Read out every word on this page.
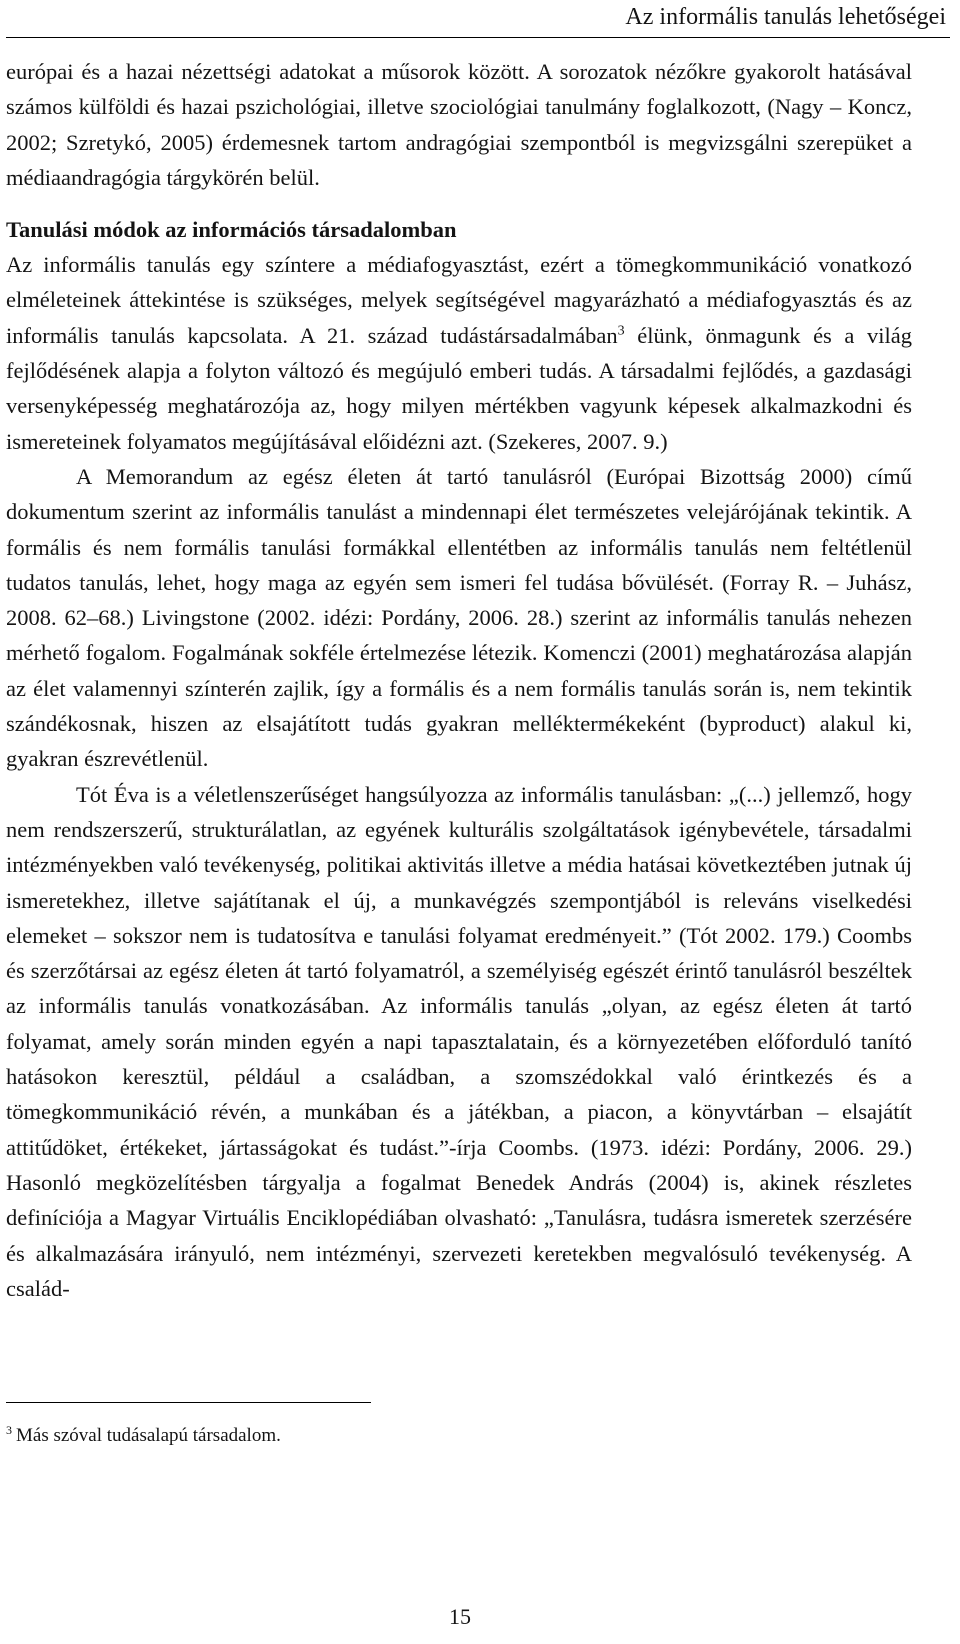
Az informális tanulás lehetőségei

európai és a hazai nézettségi adatokat a műsorok között. A sorozatok nézőkre gyakorolt hatásával számos külföldi és hazai pszichológiai, illetve szociológiai tanulmány foglalkozott, (Nagy – Koncz, 2002; Szretykó, 2005) érdemesnek tartom andragógiai szempontból is megvizsgálni szerepüket a médiaandragógia tárgykörén belül.

Tanulási módok az információs társadalomban

Az informális tanulás egy színtere a médiafogyasztást, ezért a tömegkommunikáció vonatkozó elméleteinek áttekintése is szükséges, melyek segítségével magyarázható a médiafogyasztás és az informális tanulás kapcsolata. A 21. század tudástársadalmában$^3$ élünk, önmagunk és a világ fejlődésének alapja a folyton változó és megújuló emberi tudás. A társadalmi fejlődés, a gazdasági versenyképesség meghatározója az, hogy milyen mértékben vagyunk képesek alkalmazkodni és ismereteinek folyamatos megújításával előidézni azt. (Szekeres, 2007. 9.)

A Memorandum az egész életen át tartó tanulásról (Európai Bizottság 2000) című dokumentum szerint az informális tanulást a mindennapi élet természetes velejárójának tekintik. A formális és nem formális tanulási formákkal ellentétben az informális tanulás nem feltétlenül tudatos tanulás, lehet, hogy maga az egyén sem ismeri fel tudása bővülését. (Forray R. – Juhász, 2008. 62–68.) Livingstone (2002. idézi: Pordány, 2006. 28.) szerint az informális tanulás nehezen mérhető fogalom. Fogalmának sokféle értelmezése létezik. Komenczi (2001) meghatározása alapján az élet valamennyi színterén zajlik, így a formális és a nem formális tanulás során is, nem tekintik szándékosnak, hiszen az elsajátított tudás gyakran melléktermékeként (byproduct) alakul ki, gyakran észrevétlenül.

Tót Éva is a véletlenszerűséget hangsúlyozza az informális tanulásban: „(...) jellemző, hogy nem rendszerszerű, strukturálatlan, az egyének kulturális szolgáltatások igénybevétele, társadalmi intézményekben való tevékenység, politikai aktivitás illetve a média hatásai következtében jutnak új ismeretekhez, illetve sajátítanak el új, a munkavégzés szempontjából is releváns viselkedési elemeket – sokszor nem is tudatosítva e tanulási folyamat eredményeit.” (Tót 2002. 179.) Coombs és szerzőtársai az egész életen át tartó folyamatról, a személyiség egészét érintő tanulásról beszéltek az informális tanulás vonatkozásában. Az informális tanulás „olyan, az egész életen át tartó folyamat, amely során minden egyén a napi tapasztalatain, és a környezetében előforduló tanító hatásokon keresztül, például a családban, a szomszédokkal való érintkezés és a tömegkommunikáció révén, a munkában és a játékban, a piacon, a könyvtárban – elsajátít attitűdöket, értékeket, jártasságokat és tudást.”-írja Coombs. (1973. idézi: Pordány, 2006. 29.) Hasonló megközelítésben tárgyalja a fogalmat Benedek András (2004) is, akinek részletes definíciója a Magyar Virtuális Enciklopédiában olvasható: „Tanulásra, tudásra ismeretek szerzésére és alkalmazására irányuló, nem intézményi, szervezeti keretekben megvalósuló tevékenység. A család-

$^3$ Más szóval tudásalapú társadalom.
15
